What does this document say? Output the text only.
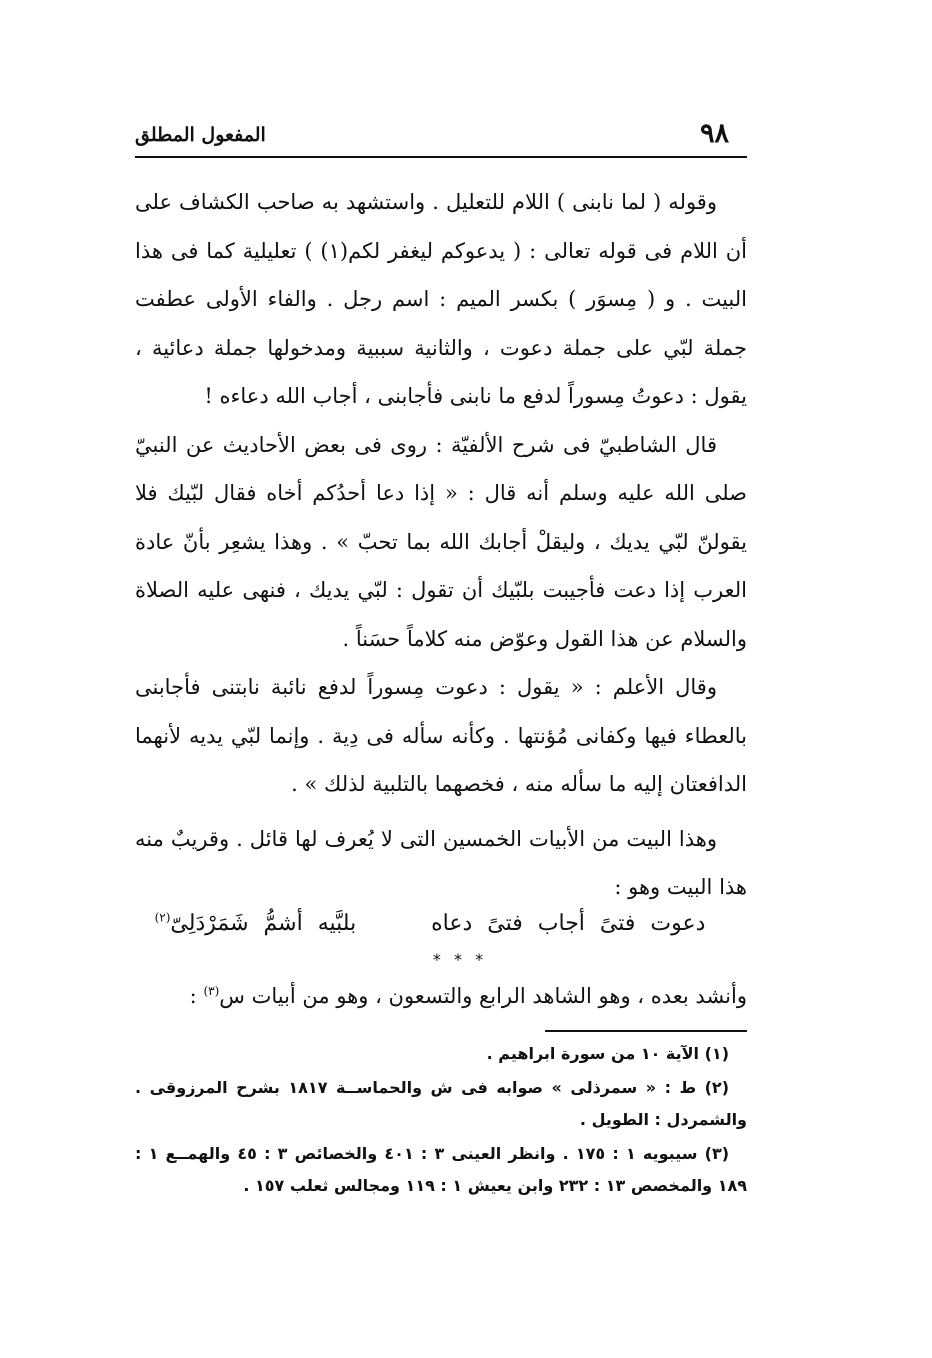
٩٨
المفعول المطلق

وقوله ( لما نابنى ) اللام للتعليل . واستشهد به صاحب الكشاف على أن اللام فى قوله تعالى : ( يدعوكم ليغفر لكم(١) ) تعليلية كما فى هذا البيت . و ( مِسوَر ) بكسر الميم : اسم رجل . والفاء الأولى عطفت جملة لبّي على جملة دعوت ، والثانية سببية ومدخولها جملة دعائية ، يقول : دعوتُ مِسوراً لدفع ما نابنى فأجابنى ، أجاب الله دعاءه !

قال الشاطبيّ فى شرح الألفيّة : روى فى بعض الأحاديث عن النبيّ صلى الله عليه وسلم أنه قال : « إذا دعا أحدُكم أخاه فقال لبّيك فلا يقولنّ لبّي يديك ، وليقلْ أجابك الله بما تحبّ » . وهذا يشعِر بأنّ عادة العرب إذا دعت فأجيبت بلبّيك أن تقول : لبّي يديك ، فنهى عليه الصلاة والسلام عن هذا القول وعوّض منه كلاماً حسَناً .

وقال الأعلم : « يقول : دعوت مِسوراً لدفع نائبة نابتنى فأجابنى بالعطاء فيها وكفانى مُؤنتها . وكأنه سأله فى دِية . وإنما لبّي يديه لأنهما الدافعتان إليه ما سأله منه ، فخصهما بالتلبية لذلك » .

وهذا البيت من الأبيات الخمسين التى لا يُعرف لها قائل . وقريبٌ منه هذا البيت وهو :

دعوت فتىً أجاب فتىً دعاه     بلبَّيه أشمُّ شَمَرْدَلِىّ$^{(٢)}$
* * *
وأنشد بعده ، وهو الشاهد الرابع والتسعون ، وهو من أبيات س$^{(٣)}$ :

(١) الآية ١٠ من سورة ابراهيم .

(٢) ط : « سمرذلى » صوابه فى ش والحماســة ١٨١٧ بشرح المرزوقى . والشمردل : الطويل .

(٣) سيبويه ١ : ١٧٥ . وانظر العينى ٣ : ٤٠١ والخصائص ٣ : ٤٥ والهمــع ١ : ١٨٩ والمخصص ١٣ : ٢٣٢ وابن يعيش ١ : ١١٩ ومجالس ثعلب ١٥٧ .
